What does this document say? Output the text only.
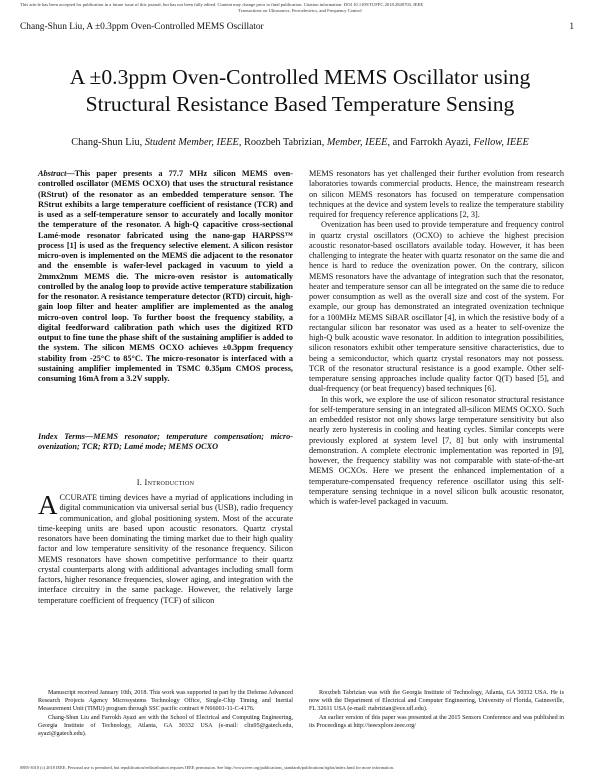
This article has been accepted for publication in a future issue of this journal, but has not been fully edited. Content may change prior to final publication. Citation information: DOI 10.1109/TUFFC.2018.2840703, IEEE
Transactions on Ultrasonics, Ferroelectrics, and Frequency Control
Chang-Shun Liu, A ±0.3ppm Oven-Controlled MEMS Oscillator	1
A ±0.3ppm Oven-Controlled MEMS Oscillator using
Structural Resistance Based Temperature Sensing
Chang-Shun Liu, Student Member, IEEE, Roozbeh Tabrizian, Member, IEEE, and Farrokh Ayazi, Fellow, IEEE
Abstract—This paper presents a 77.7 MHz silicon MEMS oven-controlled oscillator (MEMS OCXO) that uses the structural resistance (RStrut) of the resonator as an embedded temperature sensor. The RStrut exhibits a large temperature coefficient of resistance (TCR) and is used as a self-temperature sensor to accurately and locally monitor the temperature of the resonator. A high-Q capacitive cross-sectional Lamé-mode resonator fabricated using the nano-gap HARPSS™ process [1] is used as the frequency selective element. A silicon resistor micro-oven is implemented on the MEMS die adjacent to the resonator and the ensemble is wafer-level packaged in vacuum to yield a 2mmx2mm MEMS die. The micro-oven resistor is automatically controlled by the analog loop to provide active temperature stabilization for the resonator. A resistance temperature detector (RTD) circuit, high-gain loop filter and heater amplifier are implemented as the analog micro-oven control loop. To further boost the frequency stability, a digital feedforward calibration path which uses the digitized RTD output to fine tune the phase shift of the sustaining amplifier is added to the system. The silicon MEMS OCXO achieves ±0.3ppm frequency stability from -25°C to 85°C. The micro-resonator is interfaced with a sustaining amplifier implemented in TSMC 0.35μm CMOS process, consuming 16mA from a 3.2V supply.
Index Terms—MEMS resonator; temperature compensation; micro-ovenization; TCR; RTD; Lamé mode; MEMS OCXO
I. Introduction
ACCURATE timing devices have a myriad of applications including in digital communication via universal serial bus (USB), radio frequency communication, and global positioning system. Most of the accurate time-keeping units are based upon acoustic resonators. Quartz crystal resonators have been dominating the timing market due to their high quality factor and low temperature sensitivity of the resonance frequency. Silicon MEMS resonators have shown competitive performance to their quartz crystal counterparts along with additional advantages including small form factors, higher resonance frequencies, slower aging, and integration with the interface circuitry in the same package. However, the relatively large temperature coefficient of frequency (TCF) of silicon

MEMS resonators has yet challenged their further evolution from research laboratories towards commercial products. Hence, the mainstream research on silicon MEMS resonators has focused on temperature compensation techniques at the device and system levels to realize the temperature stability required for frequency reference applications [2, 3].

Ovenization has been used to provide temperature and frequency control in quartz crystal oscillators (OCXO) to achieve the highest precision acoustic resonator-based oscillators available today. However, it has been challenging to integrate the heater with quartz resonator on the same die and hence is hard to reduce the ovenization power. On the contrary, silicon MEMS resonators have the advantage of integration such that the resonator, heater and temperature sensor can all be integrated on the same die to reduce power consumption as well as the overall size and cost of the system. For example, our group has demonstrated an integrated ovenization technique for a 100MHz MEMS SiBAR oscillator [4], in which the resistive body of a rectangular silicon bar resonator was used as a heater to self-ovenize the high-Q bulk acoustic wave resonator. In addition to integration possibilities, silicon resonators exhibit other temperature sensitive characteristics, due to being a semiconductor, which quartz crystal resonators may not possess. TCR of the resonator structural resistance is a good example. Other self-temperature sensing approaches include quality factor Q(T) based [5], and dual-frequency (or beat frequency) based techniques [6].

In this work, we explore the use of silicon resonator structural resistance for self-temperature sensing in an integrated all-silicon MEMS OCXO. Such an embedded resistor not only shows large temperature sensitivity but also nearly zero hysteresis in cooling and heating cycles. Similar concepts were previously explored at system level [7, 8] but only with instrumental demonstration. A complete electronic implementation was reported in [9], however, the frequency stability was not comparable with state-of-the-art MEMS OCXOs. Here we present the enhanced implementation of a temperature-compensated frequency reference oscillator using this self-temperature sensing technique in a novel silicon bulk acoustic resonator, which is wafer-level packaged in vacuum.

Manuscript received January 10th, 2018. This work was supported in part by the Defense Advanced Research Projects Agency Microsystems Technology Office, Single-Chip Timing and Inertial Measurement Unit (TIMU) program through SSC pacific contract # N66001-11-C-4176.

Chang-Shun Liu and Farrokh Ayazi are with the School of Electrical and Computing Engineering, Georgia Institute of Technology, Atlanta, GA 30332 USA (e-mail: cliu95@gatech.edu, ayazi@gatech.edu).

Roozbeh Tabrizian was with the Georgia Institute of Technology, Atlanta, GA 30332 USA. He is now with the Department of Electrical and Computer Engineering, University of Florida, Gainesville, FL 32611 USA (e-mail: rtabrizian@ece.ufl.edu).

An earlier version of this paper was presented at the 2015 Sensors Conference and was published in its Proceedings at http://ieeexplore.ieee.org/

0885-3010 (c) 2018 IEEE. Personal use is permitted, but republication/redistribution requires IEEE permission. See http://www.ieee.org/publications_standards/publications/rights/index.html for more information.
